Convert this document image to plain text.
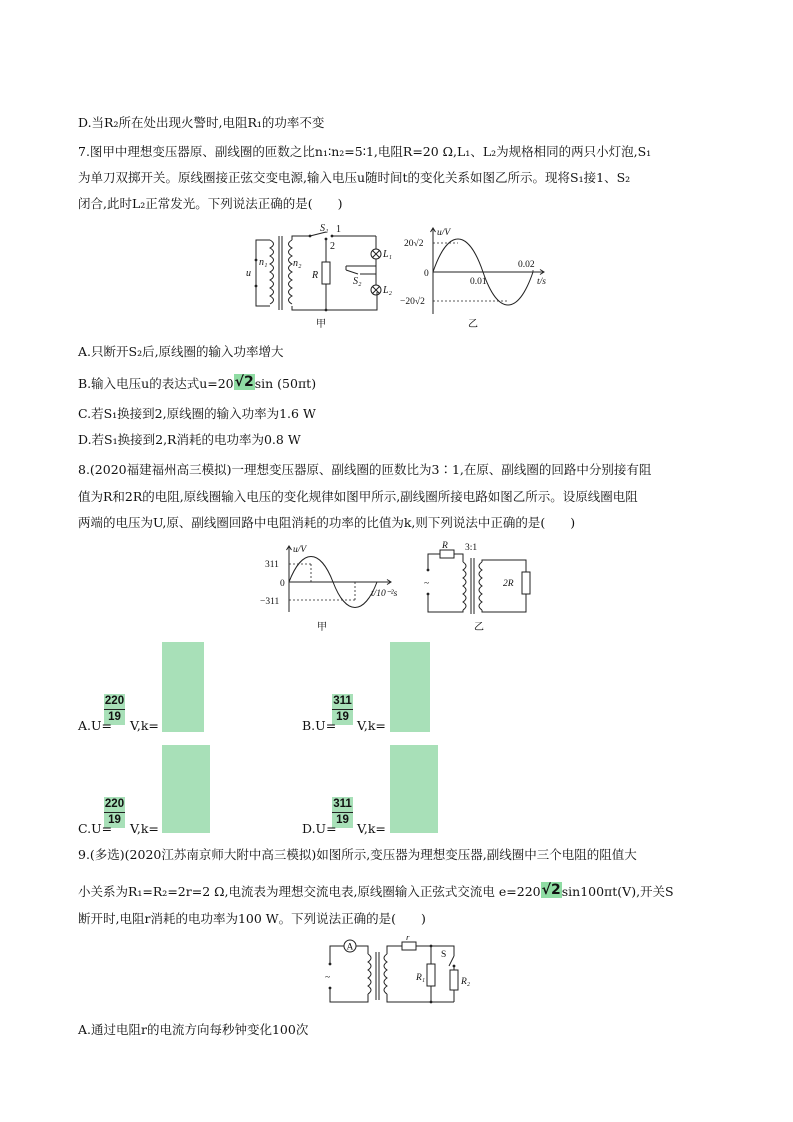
D.当R₂所在处出现火警时,电阻R₁的功率不变
7.图甲中理想变压器原、副线圈的匝数之比n₁∶n₂=5∶1,电阻R=20 Ω,L₁、L₂为规格相同的两只小灯泡,S₁
为单刀双掷开关。原线圈接正弦交变电源,输入电压u随时间t的变化关系如图乙所示。现将S₁接1、S₂
闭合,此时L₂正常发光。下列说法正确的是(　　)
S₁ 1
2
n₁	n₂
u	R
S₂
L₁
L₂
甲
u/V
t/s
20√2
0
0.01
0.02
−20√2
乙
A.只断开S₂后,原线圈的输入功率增大
B.输入电压u的表达式u=20√2sin (50πt)
C.若S₁换接到2,原线圈的输入功率为1.6 W
D.若S₁换接到2,R消耗的电功率为0.8 W
8.(2020福建福州高三模拟)一理想变压器原、副线圈的匝数比为3∶1,在原、副线圈的回路中分别接有阻
值为R和2R的电阻,原线圈输入电压的变化规律如图甲所示,副线圈所接电路如图乙所示。设原线圈电阻
两端的电压为U,原、副线圈回路中电阻消耗的功率的比值为k,则下列说法中正确的是(　　)
u/V
t/10⁻²s
311
0
−311
甲
R 3:1
~	2R
乙
220
19
A.U= V,k=
311
19
B.U= V,k=
220
19
C.U= V,k=
311
19
D.U= V,k=
9.(多选)(2020江苏南京师大附中高三模拟)如图所示,变压器为理想变压器,副线圈中三个电阻的阻值大
小关系为R₁=R₂=2r=2 Ω,电流表为理想交流电表,原线圈输入正弦式交流电 e=220√2sin100πt(V),开关S
断开时,电阻r消耗的电功率为100 W。下列说法正确的是(　　)
A
~
r
S
R₁	R₂
A.通过电阻r的电流方向每秒钟变化100次
